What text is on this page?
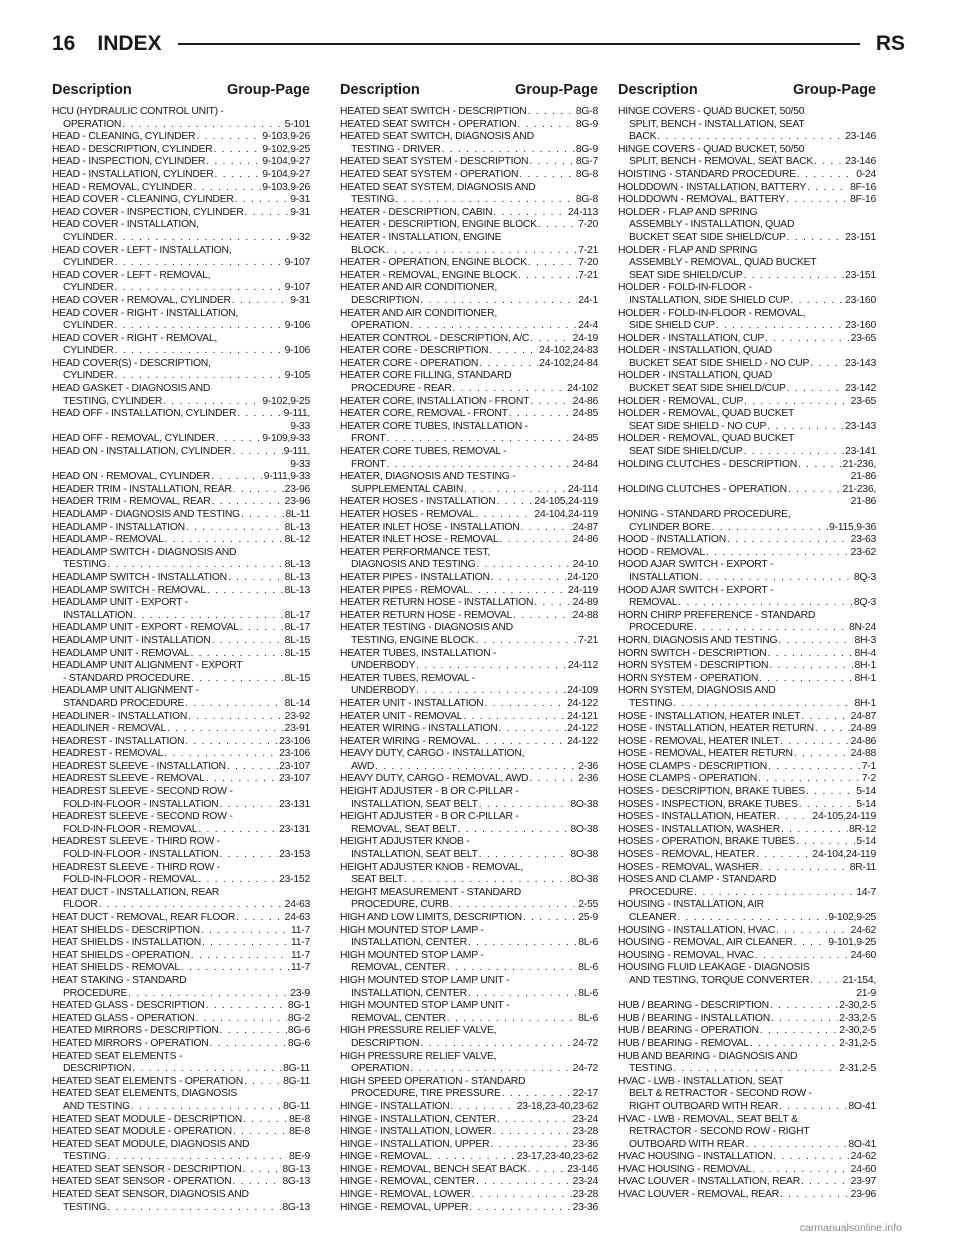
16 INDEX	RS
Description	Group-Page Description	Group-Page Description	Group-Page
HCU (HYDRAULIC CONTROL UNIT) -
OPERATION . . .	5-101
HEAD - CLEANING, CYLINDER . . .	9-103,9-26
HEAD - DESCRIPTION, CYLINDER . . .	9-102,9-25
HEAD - INSPECTION, CYLINDER . . .	9-104,9-27
HEAD - INSTALLATION, CYLINDER . . .	9-104,9-27
HEAD - REMOVAL, CYLINDER . . .	9-103,9-26
HEAD COVER - CLEANING, CYLINDER . . .	9-31
HEAD COVER - INSPECTION, CYLINDER . . .	9-31
HEAD COVER - INSTALLATION,
CYLINDER . . .	9-32
HEAD COVER - LEFT - INSTALLATION,
CYLINDER . . .	9-107
HEAD COVER - LEFT - REMOVAL,
CYLINDER . . .	9-107
HEAD COVER - REMOVAL, CYLINDER . . .	9-31
HEAD COVER - RIGHT - INSTALLATION,
CYLINDER . . .	9-106
HEAD COVER - RIGHT - REMOVAL,
CYLINDER . . .	9-106
HEAD COVER(S) - DESCRIPTION,
CYLINDER . . .	9-105
HEAD GASKET - DIAGNOSIS AND
TESTING, CYLINDER . . .	9-102,9-25
HEAD OFF - INSTALLATION, CYLINDER . . .	9-111,
9-33
HEAD OFF - REMOVAL, CYLINDER . . .	9-109,9-33
HEAD ON - INSTALLATION, CYLINDER . . .	9-111,
9-33
HEAD ON - REMOVAL, CYLINDER . . .	9-111,9-33
HEADER TRIM - INSTALLATION, REAR . . .	23-96
HEADER TRIM - REMOVAL, REAR . . .	23-96
HEADLAMP - DIAGNOSIS AND TESTING . . .	8L-11
HEADLAMP - INSTALLATION . . .	8L-13
HEADLAMP - REMOVAL . . .	8L-12
HEADLAMP SWITCH - DIAGNOSIS AND
TESTING . . .	8L-13
HEADLAMP SWITCH - INSTALLATION . . .	8L-13
HEADLAMP SWITCH - REMOVAL . . .	8L-13
HEADLAMP UNIT - EXPORT -
INSTALLATION . . .	8L-17
HEADLAMP UNIT - EXPORT - REMOVAL . . .	8L-17
HEADLAMP UNIT - INSTALLATION . . .	8L-15
HEADLAMP UNIT - REMOVAL . . .	8L-15
HEADLAMP UNIT ALIGNMENT - EXPORT
- STANDARD PROCEDURE . . .	8L-15
HEADLAMP UNIT ALIGNMENT -
STANDARD PROCEDURE . . .	8L-14
HEADLINER - INSTALLATION . . .	23-92
HEADLINER - REMOVAL . . .	23-91
HEADREST - INSTALLATION . . .	23-106
HEADREST - REMOVAL . . .	23-106
HEADREST SLEEVE - INSTALLATION . . .	23-107
HEADREST SLEEVE - REMOVAL . . .	23-107
HEADREST SLEEVE - SECOND ROW -
FOLD-IN-FLOOR - INSTALLATION . . .	23-131
HEADREST SLEEVE - SECOND ROW -
FOLD-IN-FLOOR - REMOVAL . . .	23-131
HEADREST SLEEVE - THIRD ROW -
FOLD-IN-FLOOR - INSTALLATION . . .	23-153
HEADREST SLEEVE - THIRD ROW -
FOLD-IN-FLOOR - REMOVAL . . .	23-152
HEAT DUCT - INSTALLATION, REAR
FLOOR . . .	24-63
HEAT DUCT - REMOVAL, REAR FLOOR . . .	24-63
HEAT SHIELDS - DESCRIPTION . . .	11-7
HEAT SHIELDS - INSTALLATION . . .	11-7
HEAT SHIELDS - OPERATION . . .	11-7
HEAT SHIELDS - REMOVAL . . .	11-7
HEAT STAKING - STANDARD
PROCEDURE . . .	23-9
HEATED GLASS - DESCRIPTION . . .	8G-1
HEATED GLASS - OPERATION . . .	8G-2
HEATED MIRRORS - DESCRIPTION . . .	8G-6
HEATED MIRRORS - OPERATION . . .	8G-6
HEATED SEAT ELEMENTS -
DESCRIPTION . . .	8G-11
HEATED SEAT ELEMENTS - OPERATION . . .	8G-11
HEATED SEAT ELEMENTS, DIAGNOSIS
AND TESTING . . .	8G-11
HEATED SEAT MODULE - DESCRIPTION . . .	8E-8
HEATED SEAT MODULE - OPERATION . . .	8E-8
HEATED SEAT MODULE, DIAGNOSIS AND
TESTING . . .	8E-9
HEATED SEAT SENSOR - DESCRIPTION . . .	8G-13
HEATED SEAT SENSOR - OPERATION . . .	8G-13
HEATED SEAT SENSOR, DIAGNOSIS AND
TESTING . . .	8G-13
HEATED SEAT SWITCH - DESCRIPTION . . .	8G-8
HEATED SEAT SWITCH - OPERATION . . .	8G-9
HEATED SEAT SWITCH, DIAGNOSIS AND
TESTING - DRIVER . . .	8G-9
HEATED SEAT SYSTEM - DESCRIPTION . . .	8G-7
HEATED SEAT SYSTEM - OPERATION . . .	8G-8
HEATED SEAT SYSTEM, DIAGNOSIS AND
TESTING . . .	8G-8
HEATER - DESCRIPTION, CABIN . . .	24-113
HEATER - DESCRIPTION, ENGINE BLOCK . . .	7-20
HEATER - INSTALLATION, ENGINE
BLOCK . . .	7-21
HEATER - OPERATION, ENGINE BLOCK . . .	7-20
HEATER - REMOVAL, ENGINE BLOCK . . .	7-21
HEATER AND AIR CONDITIONER,
DESCRIPTION . . .	24-1
HEATER AND AIR CONDITIONER,
OPERATION . . .	24-4
HEATER CONTROL - DESCRIPTION, A/C . . .	24-19
HEATER CORE - DESCRIPTION . . .	24-102,24-83
HEATER CORE - OPERATION . . .	24-102,24-84
HEATER CORE FILLING, STANDARD
PROCEDURE - REAR . . .	24-102
HEATER CORE, INSTALLATION - FRONT . . .	24-86
HEATER CORE, REMOVAL - FRONT . . .	24-85
HEATER CORE TUBES, INSTALLATION -
FRONT . . .	24-85
HEATER CORE TUBES, REMOVAL -
FRONT . . .	24-84
HEATER, DIAGNOSIS AND TESTING -
SUPPLEMENTAL CABIN . . .	24-114
HEATER HOSES - INSTALLATION . . .	24-105,24-119
HEATER HOSES - REMOVAL . . .	24-104,24-119
HEATER INLET HOSE - INSTALLATION . . .	24-87
HEATER INLET HOSE - REMOVAL . . .	24-86
HEATER PERFORMANCE TEST,
DIAGNOSIS AND TESTING . . .	24-10
HEATER PIPES - INSTALLATION . . .	24-120
HEATER PIPES - REMOVAL . . .	24-119
HEATER RETURN HOSE - INSTALLATION . . .	24-89
HEATER RETURN HOSE - REMOVAL . . .	24-88
HEATER TESTING - DIAGNOSIS AND
TESTING, ENGINE BLOCK . . .	7-21
HEATER TUBES, INSTALLATION -
UNDERBODY . . .	24-112
HEATER TUBES, REMOVAL -
UNDERBODY . . .	24-109
HEATER UNIT - INSTALLATION . . .	24-122
HEATER UNIT - REMOVAL . . .	24-121
HEATER WIRING - INSTALLATION . . .	24-122
HEATER WIRING - REMOVAL . . .	24-122
HEAVY DUTY, CARGO - INSTALLATION,
AWD . . .	2-36
HEAVY DUTY, CARGO - REMOVAL, AWD . . .	2-36
HEIGHT ADJUSTER - B OR C-PILLAR -
INSTALLATION, SEAT BELT . . .	8O-38
HEIGHT ADJUSTER - B OR C-PILLAR -
REMOVAL, SEAT BELT . . .	8O-38
HEIGHT ADJUSTER KNOB -
INSTALLATION, SEAT BELT . . .	8O-38
HEIGHT ADJUSTER KNOB - REMOVAL,
SEAT BELT . . .	8O-38
HEIGHT MEASUREMENT - STANDARD
PROCEDURE, CURB . . .	2-55
HIGH AND LOW LIMITS, DESCRIPTION . . .	25-9
HIGH MOUNTED STOP LAMP -
INSTALLATION, CENTER . . .	8L-6
HIGH MOUNTED STOP LAMP -
REMOVAL, CENTER . . .	8L-6
HIGH MOUNTED STOP LAMP UNIT -
INSTALLATION, CENTER . . .	8L-6
HIGH MOUNTED STOP LAMP UNIT -
REMOVAL, CENTER . . .	8L-6
HIGH PRESSURE RELIEF VALVE,
DESCRIPTION . . .	24-72
HIGH PRESSURE RELIEF VALVE,
OPERATION . . .	24-72
HIGH SPEED OPERATION - STANDARD
PROCEDURE, TIRE PRESSURE . . .	22-17
HINGE - INSTALLATION . . .	23-18,23-40,23-62
HINGE - INSTALLATION, CENTER . . .	23-24
HINGE - INSTALLATION, LOWER . . .	23-28
HINGE - INSTALLATION, UPPER . . .	23-36
HINGE - REMOVAL . . .	23-17,23-40,23-62
HINGE - REMOVAL, BENCH SEAT BACK . . .	23-146
HINGE - REMOVAL, CENTER . . .	23-24
HINGE - REMOVAL, LOWER . . .	23-28
HINGE - REMOVAL, UPPER . . .	23-36
HINGE COVERS - QUAD BUCKET, 50/50
SPLIT, BENCH - INSTALLATION, SEAT
BACK . . .	23-146
HINGE COVERS - QUAD BUCKET, 50/50
SPLIT, BENCH - REMOVAL, SEAT BACK . . .	23-146
HOISTING - STANDARD PROCEDURE . . .	0-24
HOLDDOWN - INSTALLATION, BATTERY . . .	8F-16
HOLDDOWN - REMOVAL, BATTERY . . .	8F-16
HOLDER - FLAP AND SPRING
ASSEMBLY - INSTALLATION, QUAD
BUCKET SEAT SIDE SHIELD/CUP . . .	23-151
HOLDER - FLAP AND SPRING
ASSEMBLY - REMOVAL, QUAD BUCKET
SEAT SIDE SHIELD/CUP . . .	23-151
HOLDER - FOLD-IN-FLOOR -
INSTALLATION, SIDE SHIELD CUP . . .	23-160
HOLDER - FOLD-IN-FLOOR - REMOVAL,
SIDE SHIELD CUP . . .	23-160
HOLDER - INSTALLATION, CUP . . .	23-65
HOLDER - INSTALLATION, QUAD
BUCKET SEAT SIDE SHIELD - NO CUP . . .	23-143
HOLDER - INSTALLATION, QUAD
BUCKET SEAT SIDE SHIELD/CUP . . .	23-142
HOLDER - REMOVAL, CUP . . .	23-65
HOLDER - REMOVAL, QUAD BUCKET
SEAT SIDE SHIELD - NO CUP . . .	23-143
HOLDER - REMOVAL, QUAD BUCKET
SEAT SIDE SHIELD/CUP . . .	23-141
HOLDING CLUTCHES - DESCRIPTION . . .	21-236,
21-86
HOLDING CLUTCHES - OPERATION . . .	21-236,
21-86
HONING - STANDARD PROCEDURE,
CYLINDER BORE . . .	9-115,9-36
HOOD - INSTALLATION . . .	23-63
HOOD - REMOVAL . . .	23-62
HOOD AJAR SWITCH - EXPORT -
INSTALLATION . . .	8Q-3
HOOD AJAR SWITCH - EXPORT -
REMOVAL . . .	8Q-3
HORN CHIRP PREFERENCE - STANDARD
PROCEDURE . . .	8N-24
HORN, DIAGNOSIS AND TESTING . . .	8H-3
HORN SWITCH - DESCRIPTION . . .	8H-4
HORN SYSTEM - DESCRIPTION . . .	8H-1
HORN SYSTEM - OPERATION . . .	8H-1
HORN SYSTEM, DIAGNOSIS AND
TESTING . . .	8H-1
HOSE - INSTALLATION, HEATER INLET . . .	24-87
HOSE - INSTALLATION, HEATER RETURN . . .	24-89
HOSE - REMOVAL, HEATER INLET . . .	24-86
HOSE - REMOVAL, HEATER RETURN . . .	24-88
HOSE CLAMPS - DESCRIPTION . . .	7-1
HOSE CLAMPS - OPERATION . . .	7-2
HOSES - DESCRIPTION, BRAKE TUBES . . .	5-14
HOSES - INSPECTION, BRAKE TUBES . . .	5-14
HOSES - INSTALLATION, HEATER . . .	24-105,24-119
HOSES - INSTALLATION, WASHER . . .	8R-12
HOSES - OPERATION, BRAKE TUBES . . .	5-14
HOSES - REMOVAL, HEATER . . .	24-104,24-119
HOSES - REMOVAL, WASHER . . .	8R-11
HOSES AND CLAMP - STANDARD
PROCEDURE . . .	14-7
HOUSING - INSTALLATION, AIR
CLEANER . . .	9-102,9-25
HOUSING - INSTALLATION, HVAC . . .	24-62
HOUSING - REMOVAL, AIR CLEANER . . .	9-101,9-25
HOUSING - REMOVAL, HVAC . . .	24-60
HOUSING FLUID LEAKAGE - DIAGNOSIS
AND TESTING, TORQUE CONVERTER . . .	21-154,
21-9
HUB / BEARING - DESCRIPTION . . .	2-30,2-5
HUB / BEARING - INSTALLATION . . .	2-33,2-5
HUB / BEARING - OPERATION . . .	2-30,2-5
HUB / BEARING - REMOVAL . . .	2-31,2-5
HUB AND BEARING - DIAGNOSIS AND
TESTING . . .	2-31,2-5
HVAC - LWB - INSTALLATION, SEAT
BELT & RETRACTOR - SECOND ROW -
RIGHT OUTBOARD WITH REAR . . .	8O-41
HVAC - LWB - REMOVAL, SEAT BELT &
RETRACTOR - SECOND ROW - RIGHT
OUTBOARD WITH REAR . . .	8O-41
HVAC HOUSING - INSTALLATION . . .	24-62
HVAC HOUSING - REMOVAL . . .	24-60
HVAC LOUVER - INSTALLATION, REAR . . .	23-97
HVAC LOUVER - REMOVAL, REAR . . .	23-96
carmanualsonline.info
